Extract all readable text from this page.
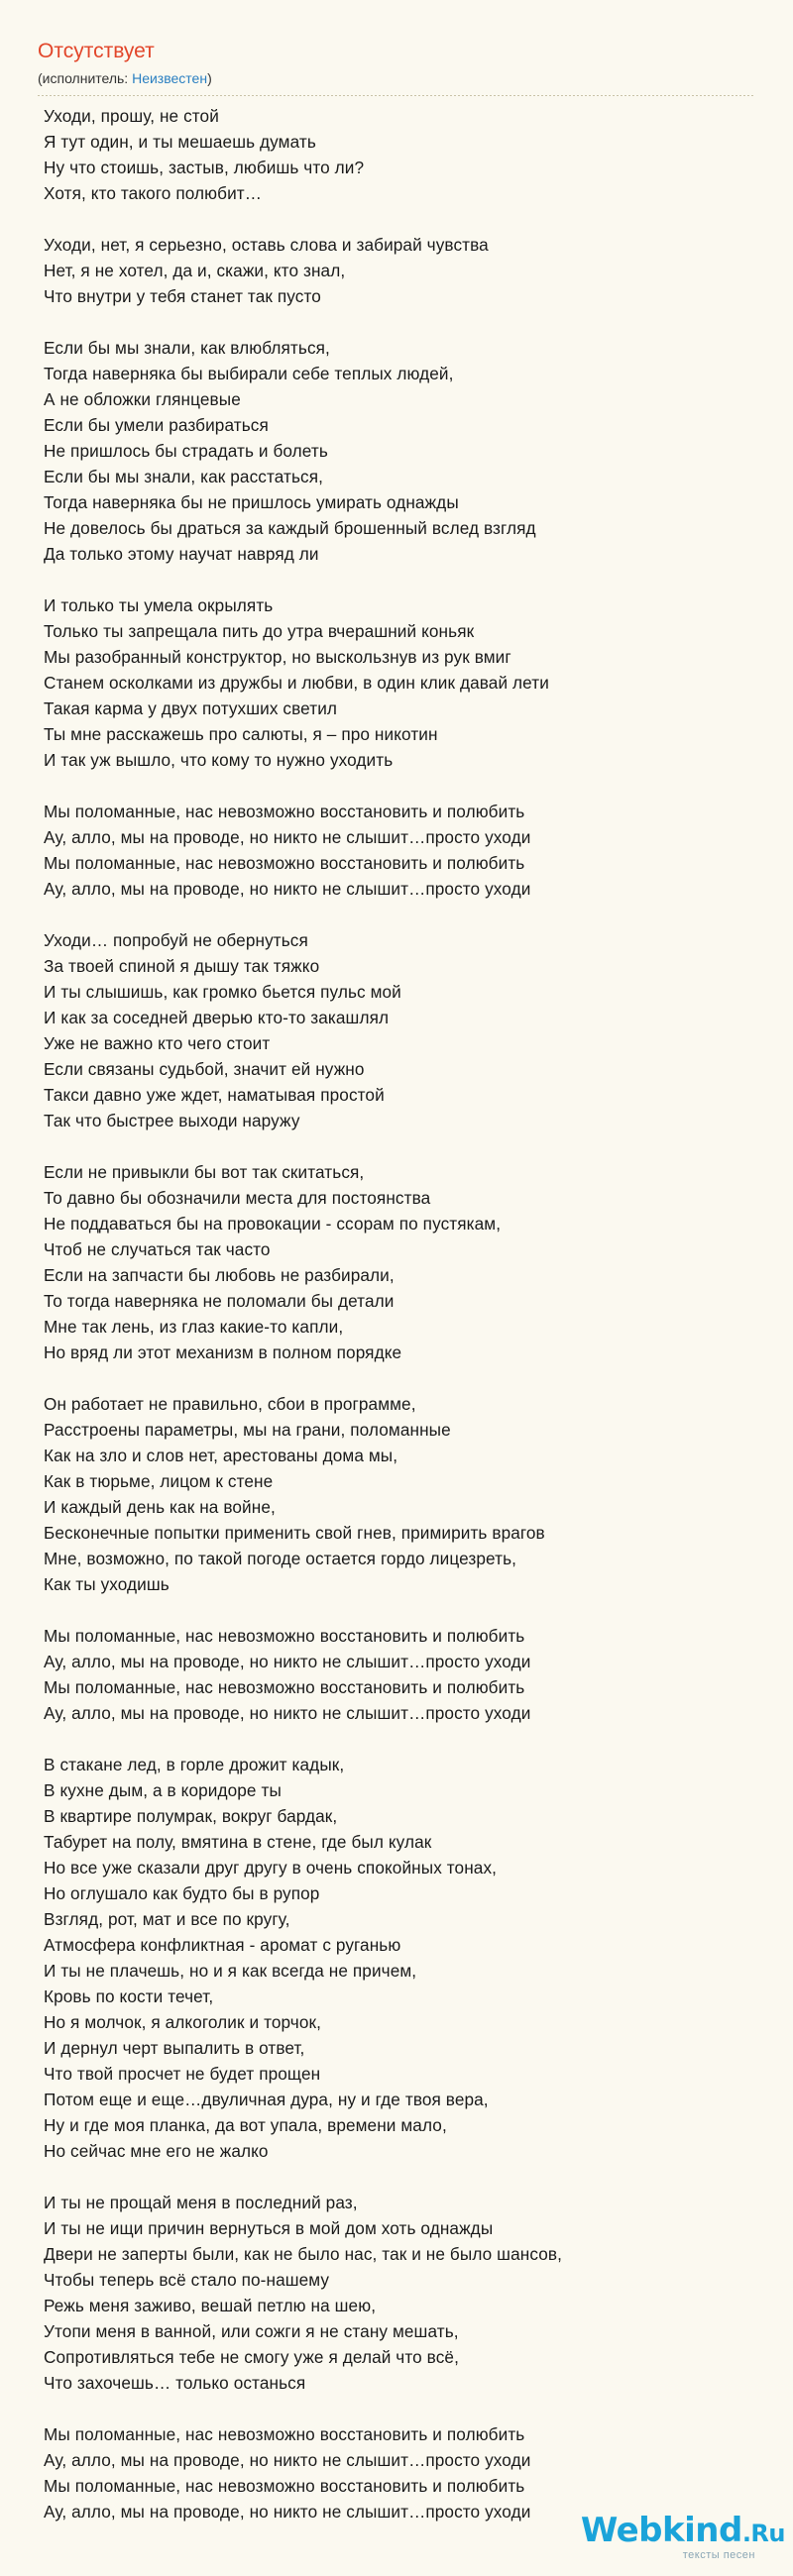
Отсутствует
(исполнитель: Неизвестен)
Уходи, прошу, не стой
Я тут один, и ты мешаешь думать
Ну что стоишь, застыв, любишь что ли?
Хотя, кто такого полюбит…
Уходи, нет, я серьезно, оставь слова и забирай чувства
Нет, я не хотел, да и, скажи, кто знал,
Что внутри у тебя станет так пусто
Если бы мы знали, как влюбляться,
Тогда наверняка бы выбирали себе теплых людей,
А не обложки глянцевые
Если бы умели разбираться
Не пришлось бы страдать и болеть
Если бы мы знали, как расстаться,
Тогда наверняка бы не пришлось умирать однажды
Не довелось бы драться за каждый брошенный вслед взгляд
Да только этому научат навряд ли
И только ты умела окрылять
Только ты запрещала пить до утра вчерашний коньяк
Мы разобранный конструктор, но выскользнув из рук вмиг
Станем осколками из дружбы и любви, в один клик давай лети
Такая карма у двух потухших светил
Ты мне расскажешь про салюты, я – про никотин
И так уж вышло, что кому то нужно уходить
Мы поломанные, нас невозможно восстановить и полюбить
Ау, алло, мы на проводе, но никто не слышит…просто уходи
Мы поломанные, нас невозможно восстановить и полюбить
Ау, алло, мы на проводе, но никто не слышит…просто уходи
Уходи… попробуй не обернуться
За твоей спиной я дышу так тяжко
И ты слышишь, как громко бьется пульс мой
И как за соседней дверью кто-то закашлял
Уже не важно кто чего стоит
Если связаны судьбой, значит ей нужно
Такси давно уже ждет, наматывая простой
Так что быстрее выходи наружу
Если не привыкли бы вот так скитаться,
То давно бы обозначили места для постоянства
Не поддаваться бы на провокации - ссорам по пустякам,
Чтоб не случаться так часто
Если на запчасти бы любовь не разбирали,
То тогда наверняка не поломали бы детали
Мне так лень, из глаз какие-то капли,
Но вряд ли этот механизм в полном порядке
Он работает не правильно, сбои в программе,
Расстроены параметры, мы на грани, поломанные
Как на зло и слов нет, арестованы дома мы,
Как в тюрьме, лицом к стене
И каждый день как на войне,
Бесконечные попытки применить свой гнев, примирить врагов
Мне, возможно, по такой погоде остается гордо лицезреть,
Как ты уходишь
Мы поломанные, нас невозможно восстановить и полюбить
Ау, алло, мы на проводе, но никто не слышит…просто уходи
Мы поломанные, нас невозможно восстановить и полюбить
Ау, алло, мы на проводе, но никто не слышит…просто уходи
В стакане лед, в горле дрожит кадык,
В кухне дым, а в коридоре ты
В квартире полумрак, вокруг бардак,
Табурет на полу, вмятина в стене, где был кулак
Но все уже сказали друг другу в очень спокойных тонах,
Но оглушало как будто бы в рупор
Взгляд, рот, мат и все по кругу,
Атмосфера конфликтная - аромат с руганью
И ты не плачешь, но и я как всегда не причем,
Кровь по кости течет,
Но я молчок, я алкоголик и торчок,
И дернул черт выпалить в ответ,
Что твой просчет не будет прощен
Потом еще и еще…двуличная дура, ну и где твоя вера,
Ну и где моя планка, да вот упала, времени мало,
Но сейчас мне его не жалко
И ты не прощай меня в последний раз,
И ты не ищи причин вернуться в мой дом хоть однажды
Двери не заперты были, как не было нас, так и не было шансов,
Чтобы теперь всё стало по-нашему
Режь меня заживо, вешай петлю на шею,
Утопи меня в ванной, или сожги я не стану мешать,
Сопротивляться тебе не смогу уже я делай что всё,
Что захочешь… только останься
Мы поломанные, нас невозможно восстановить и полюбить
Ау, алло, мы на проводе, но никто не слышит…просто уходи
Мы поломанные, нас невозможно восстановить и полюбить
Ау, алло, мы на проводе, но никто не слышит…просто уходи	Webkind.Ru
тексты песен
